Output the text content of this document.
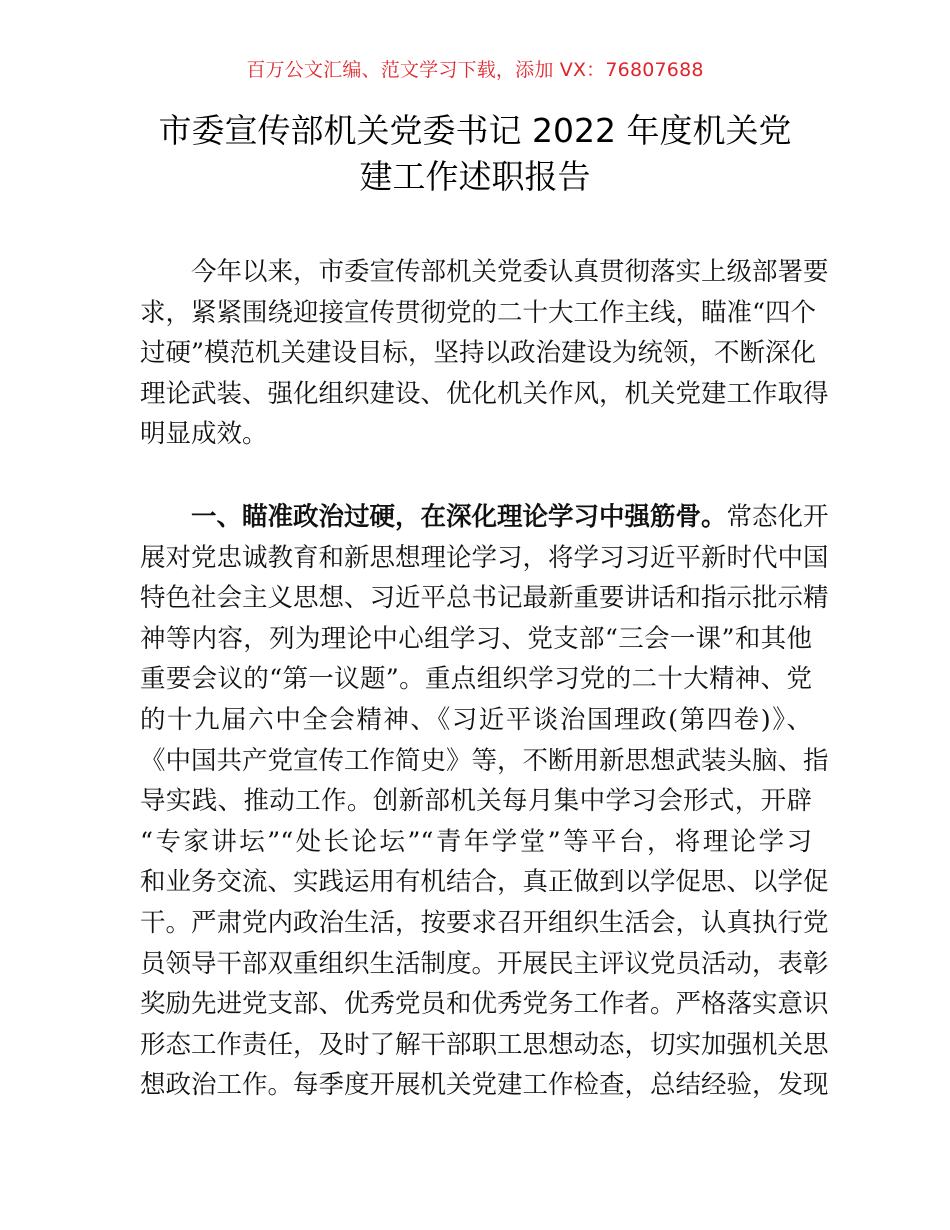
百万公文汇编、范文学习下载，添加 VX：76807688
市委宣传部机关党委书记 2022 年度机关党
建工作述职报告
今年以来，市委宣传部机关党委认真贯彻落实上级部署要
求，紧紧围绕迎接宣传贯彻党的二十大工作主线，瞄准“四个
过硬”模范机关建设目标，坚持以政治建设为统领，不断深化
理论武装、强化组织建设、优化机关作风，机关党建工作取得
明显成效。
一、瞄准政治过硬，在深化理论学习中强筋骨。常态化开
展对党忠诚教育和新思想理论学习，将学习习近平新时代中国
特色社会主义思想、习近平总书记最新重要讲话和指示批示精
神等内容，列为理论中心组学习、党支部“三会一课”和其他
重要会议的“第一议题”。重点组织学习党的二十大精神、党
的十九届六中全会精神、《习近平谈治国理政(第四卷)》、
《中国共产党宣传工作简史》等，不断用新思想武装头脑、指
导实践、推动工作。创新部机关每月集中学习会形式，开辟
“专家讲坛”“处长论坛”“青年学堂”等平台，将理论学习
和业务交流、实践运用有机结合，真正做到以学促思、以学促
干。严肃党内政治生活，按要求召开组织生活会，认真执行党
员领导干部双重组织生活制度。开展民主评议党员活动，表彰
奖励先进党支部、优秀党员和优秀党务工作者。严格落实意识
形态工作责任，及时了解干部职工思想动态，切实加强机关思
想政治工作。每季度开展机关党建工作检查，总结经验，发现
